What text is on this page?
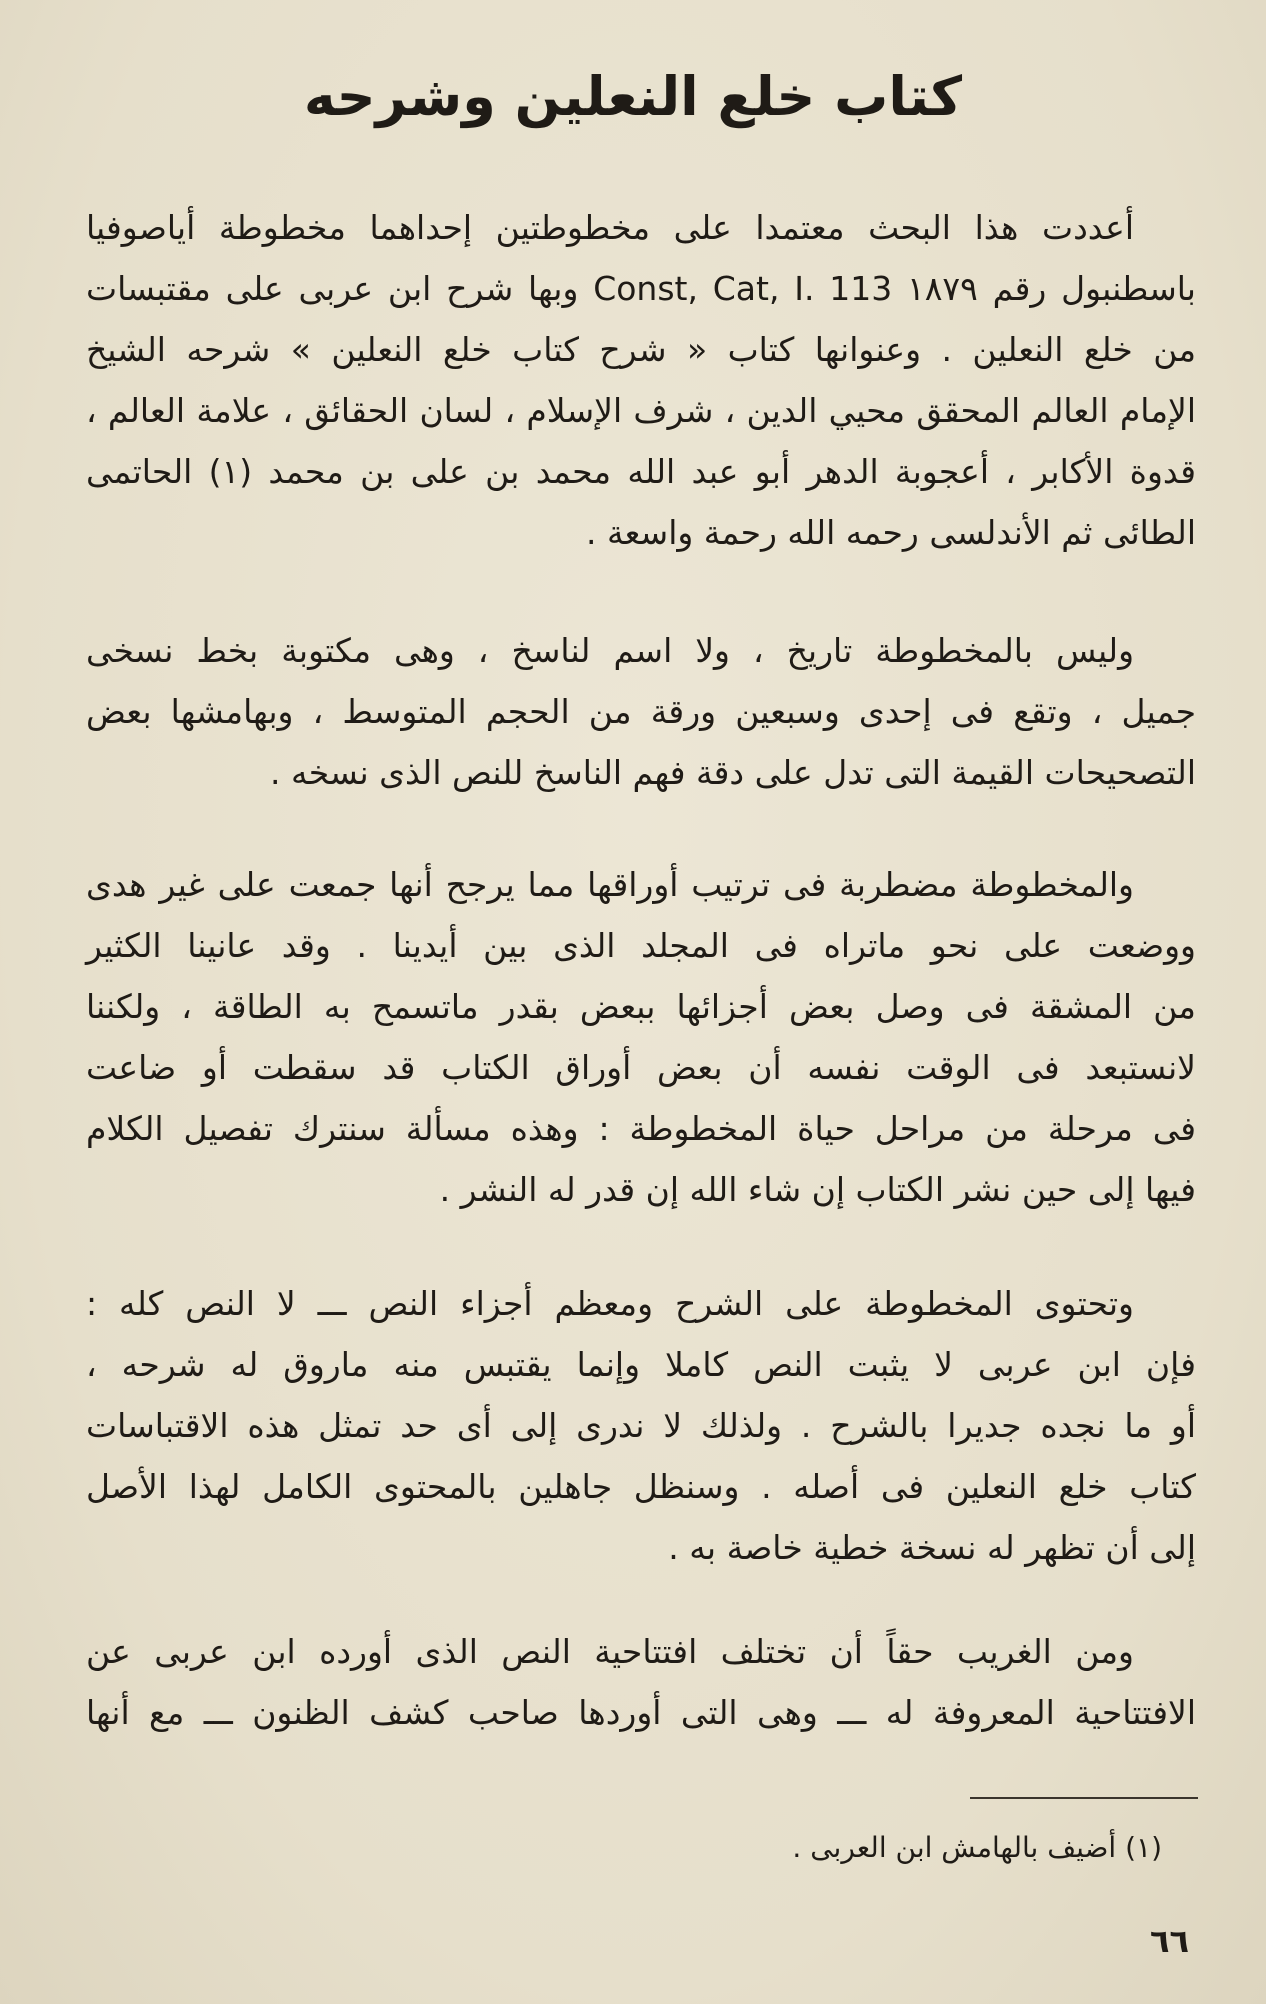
كتاب خلع النعلين وشرحه
أعددت هذا البحث معتمدا على مخطوطتين إحداهما مخطوطة أياصوفيا
باسطنبول رقم ١٨٧٩ Const, Cat, I. 113 وبها شرح ابن عربى على مقتبسات
من خلع النعلين . وعنوانها كتاب « شرح كتاب خلع النعلين » شرحه الشيخ
الإمام العالم المحقق محيي الدين ، شرف الإسلام ، لسان الحقائق ، علامة العالم ،
قدوة الأكابر ، أعجوبة الدهر أبو عبد الله محمد بن على بن محمد (١) الحاتمى
الطائى ثم الأندلسى رحمه الله رحمة واسعة .
وليس بالمخطوطة تاريخ ، ولا اسم لناسخ ، وهى مكتوبة بخط نسخى
جميل ، وتقع فى إحدى وسبعين ورقة من الحجم المتوسط ، وبهامشها بعض
التصحيحات القيمة التى تدل على دقة فهم الناسخ للنص الذى نسخه .
والمخطوطة مضطربة فى ترتيب أوراقها مما يرجح أنها جمعت على غير هدى
ووضعت على نحو ماتراه فى المجلد الذى بين أيدينا . وقد عانينا الكثير
من المشقة فى وصل بعض أجزائها ببعض بقدر ماتسمح به الطاقة ، ولكننا
لانستبعد فى الوقت نفسه أن بعض أوراق الكتاب قد سقطت أو ضاعت
فى مرحلة من مراحل حياة المخطوطة : وهذه مسألة سنترك تفصيل الكلام
فيها إلى حين نشر الكتاب إن شاء الله إن قدر له النشر .
وتحتوى المخطوطة على الشرح ومعظم أجزاء النص ـــ لا النص كله :
فإن ابن عربى لا يثبت النص كاملا وإنما يقتبس منه ماروق له شرحه ،
أو ما نجده جديرا بالشرح . ولذلك لا ندرى إلى أى حد تمثل هذه الاقتباسات
كتاب خلع النعلين فى أصله . وسنظل جاهلين بالمحتوى الكامل لهذا الأصل
إلى أن تظهر له نسخة خطية خاصة به .
ومن الغريب حقاً أن تختلف افتتاحية النص الذى أورده ابن عربى عن
الافتتاحية المعروفة له ـــ وهى التى أوردها صاحب كشف الظنون ـــ مع أنها
(١) أضيف بالهامش ابن العربى .
٦٦
